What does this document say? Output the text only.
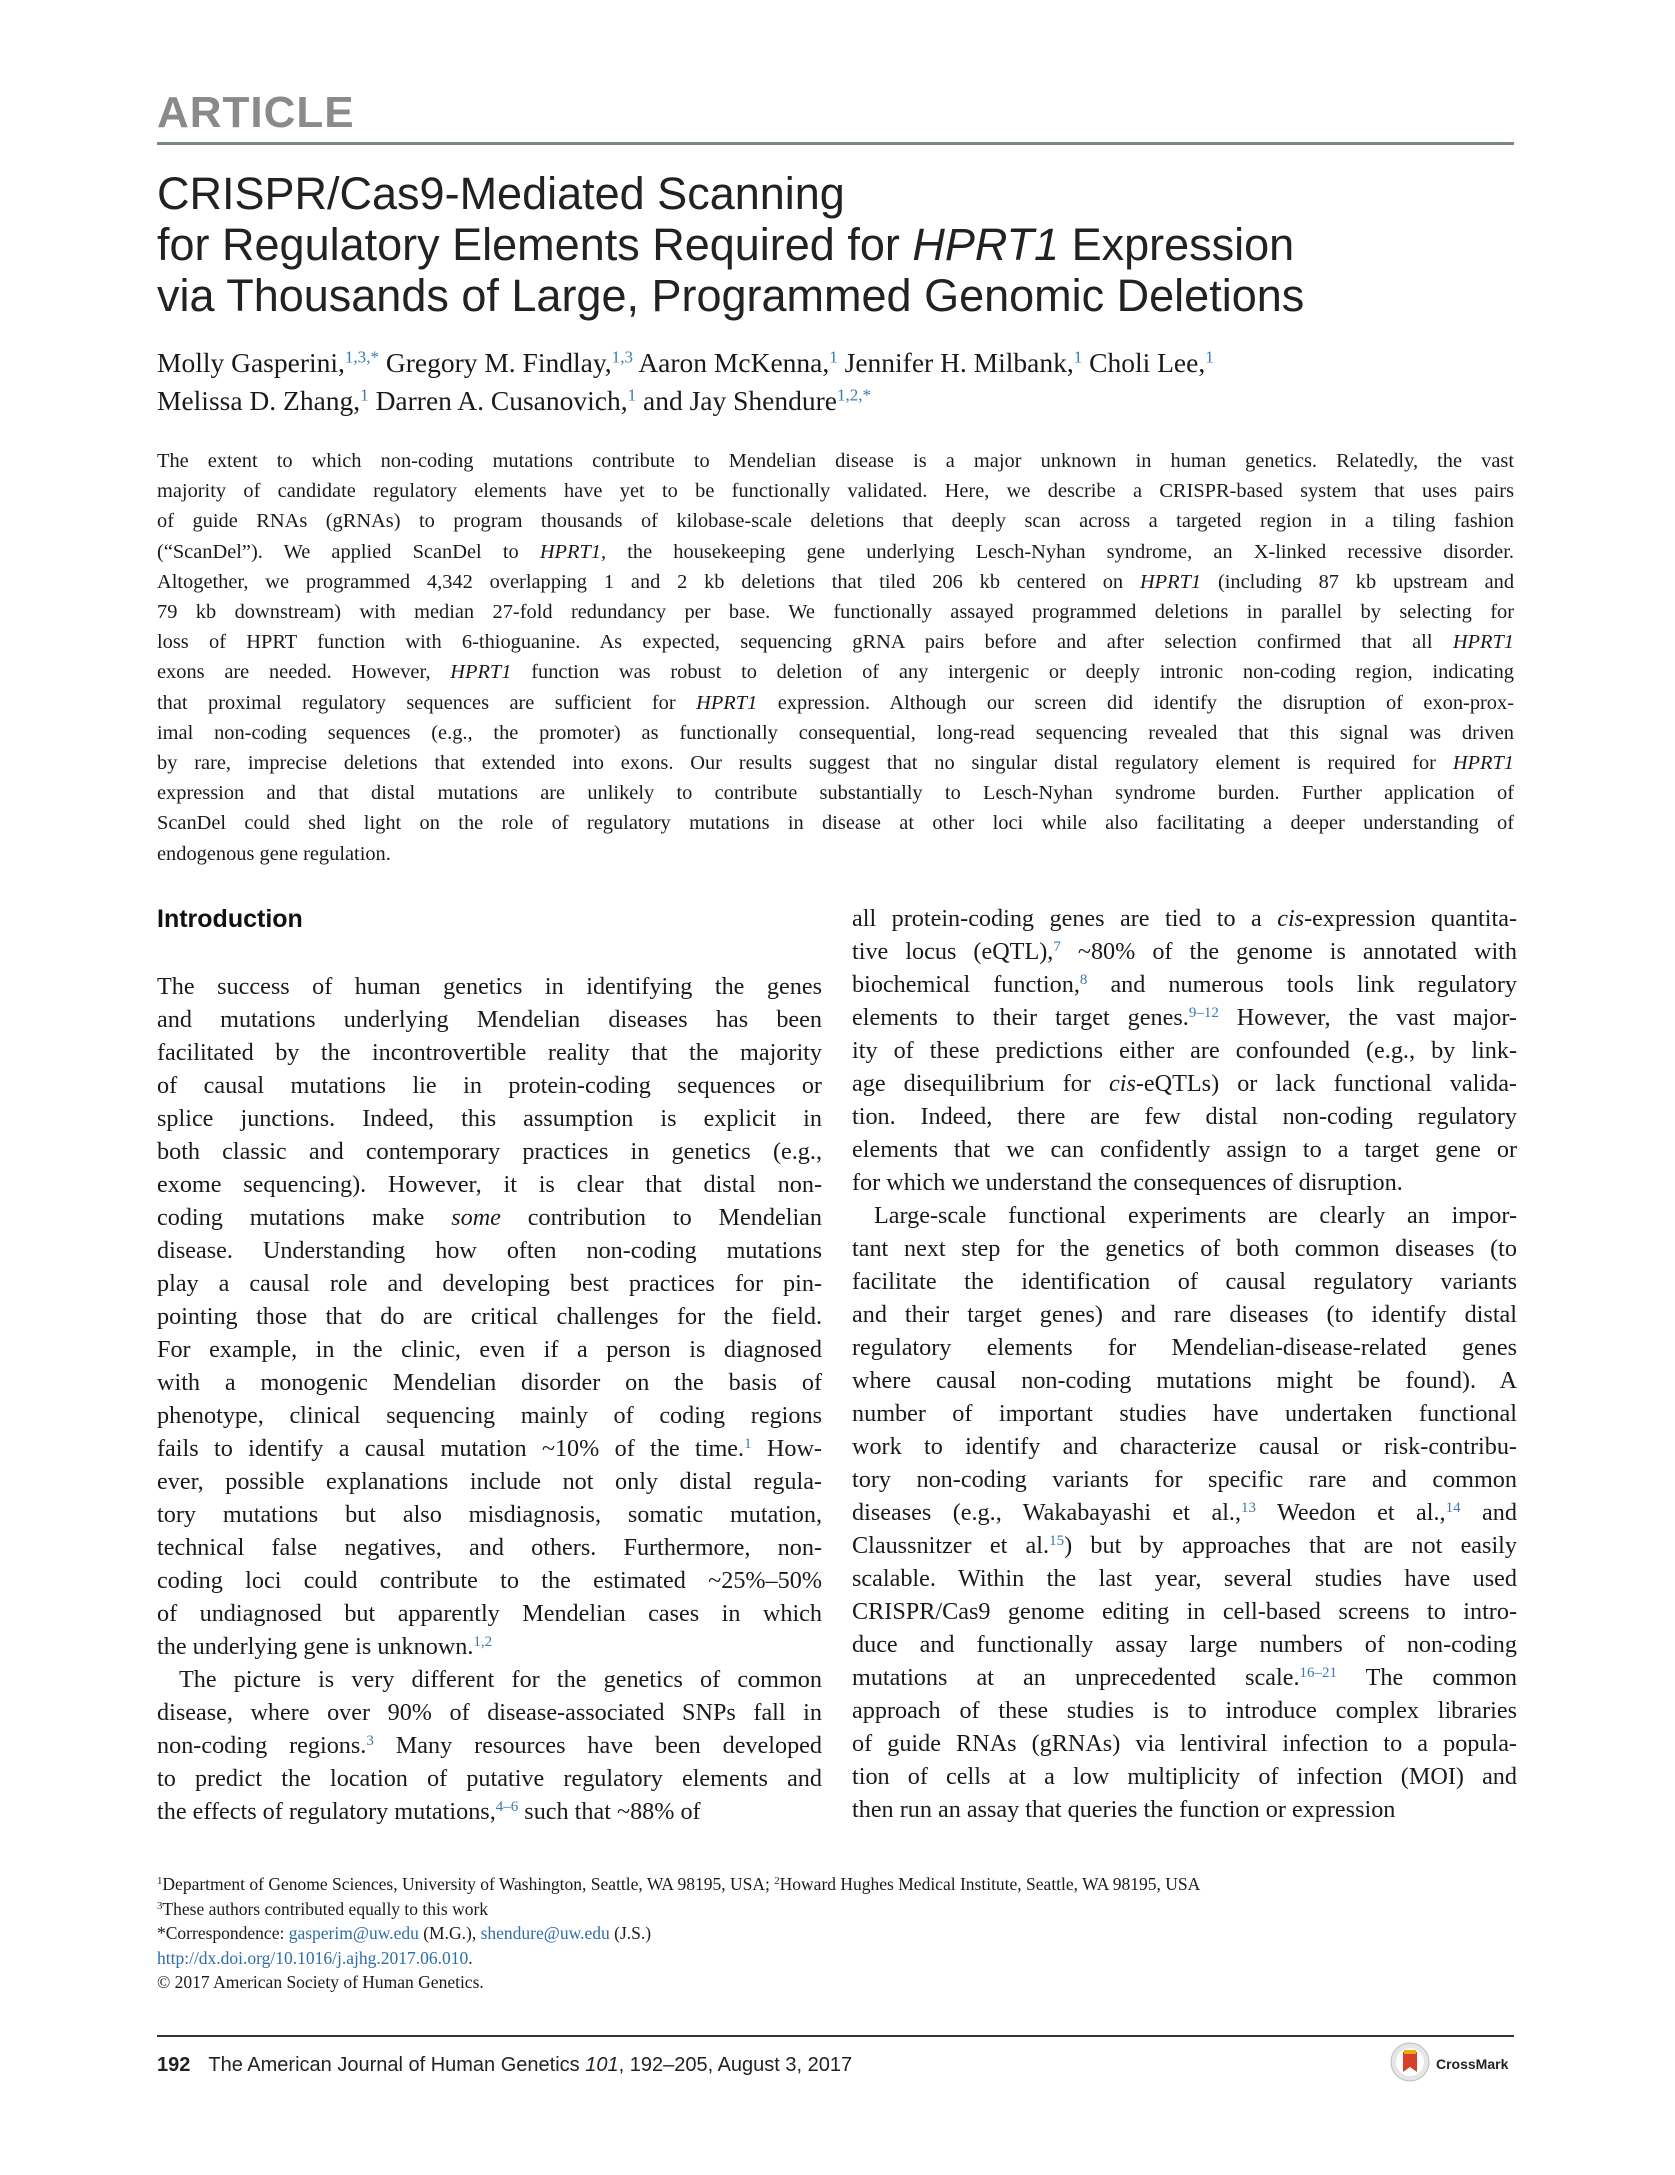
ARTICLE
CRISPR/Cas9-Mediated Scanning
for Regulatory Elements Required for HPRT1 Expression
via Thousands of Large, Programmed Genomic Deletions
Molly Gasperini,$^{1,3,*}$ Gregory M. Findlay,$^{1,3}$ Aaron McKenna,$^1$ Jennifer H. Milbank,$^1$ Choli Lee,$^1$
Melissa D. Zhang,$^1$ Darren A. Cusanovich,$^1$ and Jay Shendure$^{1,2,*}$
The extent to which non-coding mutations contribute to Mendelian disease is a major unknown in human genetics. Relatedly, the vast
majority of candidate regulatory elements have yet to be functionally validated. Here, we describe a CRISPR-based system that uses pairs
of guide RNAs (gRNAs) to program thousands of kilobase-scale deletions that deeply scan across a targeted region in a tiling fashion
(“ScanDel”). We applied ScanDel to HPRT1, the housekeeping gene underlying Lesch-Nyhan syndrome, an X-linked recessive disorder.
Altogether, we programmed 4,342 overlapping 1 and 2 kb deletions that tiled 206 kb centered on HPRT1 (including 87 kb upstream and
79 kb downstream) with median 27-fold redundancy per base. We functionally assayed programmed deletions in parallel by selecting for
loss of HPRT function with 6-thioguanine. As expected, sequencing gRNA pairs before and after selection confirmed that all HPRT1
exons are needed. However, HPRT1 function was robust to deletion of any intergenic or deeply intronic non-coding region, indicating
that proximal regulatory sequences are sufficient for HPRT1 expression. Although our screen did identify the disruption of exon-prox-
imal non-coding sequences (e.g., the promoter) as functionally consequential, long-read sequencing revealed that this signal was driven
by rare, imprecise deletions that extended into exons. Our results suggest that no singular distal regulatory element is required for HPRT1
expression and that distal mutations are unlikely to contribute substantially to Lesch-Nyhan syndrome burden. Further application of
ScanDel could shed light on the role of regulatory mutations in disease at other loci while also facilitating a deeper understanding of
endogenous gene regulation.
Introduction
The success of human genetics in identifying the genes
and mutations underlying Mendelian diseases has been
facilitated by the incontrovertible reality that the majority
of causal mutations lie in protein-coding sequences or
splice junctions. Indeed, this assumption is explicit in
both classic and contemporary practices in genetics (e.g.,
exome sequencing). However, it is clear that distal non-
coding mutations make some contribution to Mendelian
disease. Understanding how often non-coding mutations
play a causal role and developing best practices for pin-
pointing those that do are critical challenges for the field.
For example, in the clinic, even if a person is diagnosed
with a monogenic Mendelian disorder on the basis of
phenotype, clinical sequencing mainly of coding regions
fails to identify a causal mutation ~10% of the time.$^1$ How-
ever, possible explanations include not only distal regula-
tory mutations but also misdiagnosis, somatic mutation,
technical false negatives, and others. Furthermore, non-
coding loci could contribute to the estimated ~25%–50%
of undiagnosed but apparently Mendelian cases in which
the underlying gene is unknown.$^{1,2}$
The picture is very different for the genetics of common
disease, where over 90% of disease-associated SNPs fall in
non-coding regions.$^3$ Many resources have been developed
to predict the location of putative regulatory elements and
the effects of regulatory mutations,$^{4-6}$ such that ~88% of
all protein-coding genes are tied to a cis-expression quantita-
tive locus (eQTL),$^7$ ~80% of the genome is annotated with
biochemical function,$^8$ and numerous tools link regulatory
elements to their target genes.$^{9-12}$ However, the vast major-
ity of these predictions either are confounded (e.g., by link-
age disequilibrium for cis-eQTLs) or lack functional valida-
tion. Indeed, there are few distal non-coding regulatory
elements that we can confidently assign to a target gene or
for which we understand the consequences of disruption.
Large-scale functional experiments are clearly an impor-
tant next step for the genetics of both common diseases (to
facilitate the identification of causal regulatory variants
and their target genes) and rare diseases (to identify distal
regulatory elements for Mendelian-disease-related genes
where causal non-coding mutations might be found). A
number of important studies have undertaken functional
work to identify and characterize causal or risk-contribu-
tory non-coding variants for specific rare and common
diseases (e.g., Wakabayashi et al.,$^{13}$ Weedon et al.,$^{14}$ and
Claussnitzer et al.$^{15}$) but by approaches that are not easily
scalable. Within the last year, several studies have used
CRISPR/Cas9 genome editing in cell-based screens to intro-
duce and functionally assay large numbers of non-coding
mutations at an unprecedented scale.$^{16-21}$ The common
approach of these studies is to introduce complex libraries
of guide RNAs (gRNAs) via lentiviral infection to a popula-
tion of cells at a low multiplicity of infection (MOI) and
then run an assay that queries the function or expression
$^1$Department of Genome Sciences, University of Washington, Seattle, WA 98195, USA; $^2$Howard Hughes Medical Institute, Seattle, WA 98195, USA
$^3$These authors contributed equally to this work
*Correspondence: gasperim@uw.edu (M.G.), shendure@uw.edu (J.S.)
http://dx.doi.org/10.1016/j.ajhg.2017.06.010.
© 2017 American Society of Human Genetics.
192 The American Journal of Human Genetics 101, 192–205, August 3, 2017	CrossMark
